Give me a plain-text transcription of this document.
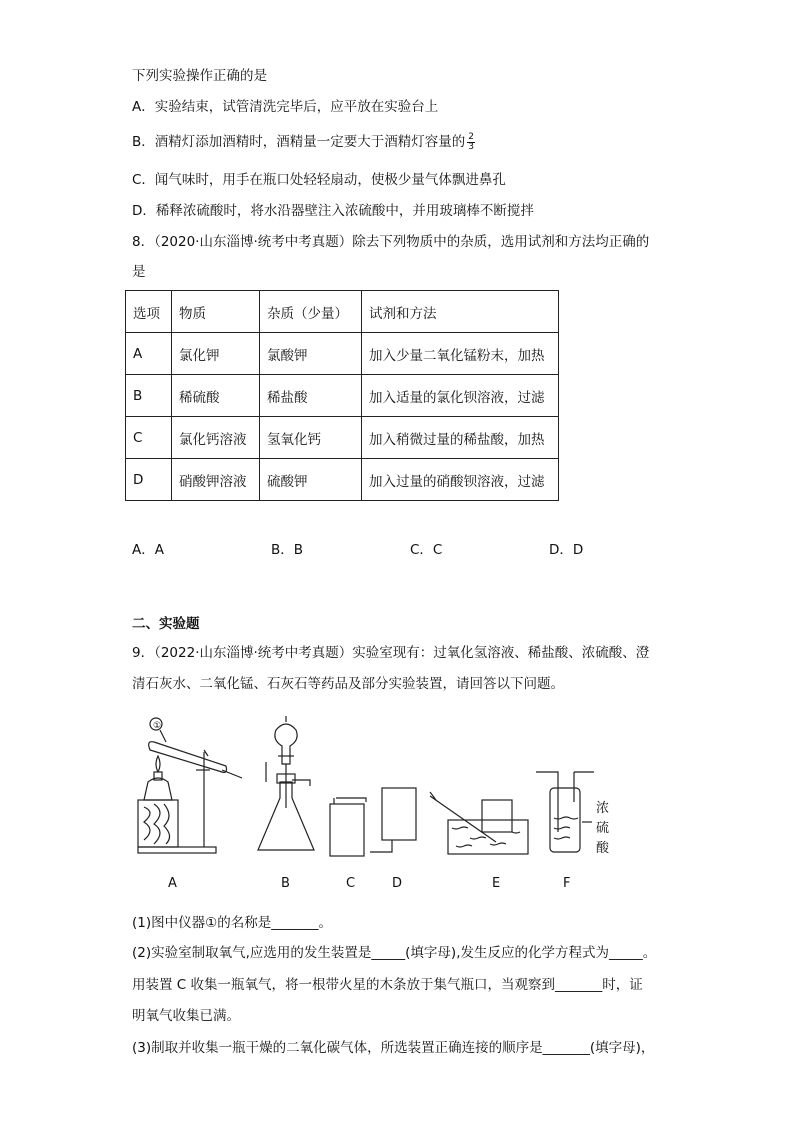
下列实验操作正确的是
A．实验结束，试管清洗完毕后，应平放在实验台上
B．酒精灯添加酒精时，酒精量一定要大于酒精灯容量的 $\frac{2}{3}$
C．闻气味时，用手在瓶口处轻轻扇动，使极少量气体飘进鼻孔
D．稀释浓硫酸时，将水沿器壁注入浓硫酸中，并用玻璃棒不断搅拌
8．（2020·山东淄博·统考中考真题）除去下列物质中的杂质，选用试剂和方法均正确的
是
选项	物质	杂质（少量）	试剂和方法
A	氯化钾	氯酸钾	加入少量二氧化锰粉末，加热
B	稀硫酸	稀盐酸	加入适量的氯化钡溶液，过滤
C	氯化钙溶液	氢氧化钙	加入稍微过量的稀盐酸，加热
D	硝酸钾溶液	硫酸钾	加入过量的硝酸钡溶液，过滤
A．A	B．B	C．C	D．D
二、实验题
9．（2022·山东淄博·统考中考真题）实验室现有：过氧化氢溶液、稀盐酸、浓硫酸、澄
清石灰水、二氧化锰、石灰石等药品及部分实验装置，请回答以下问题。
①
浓
硫
酸
A	B	C	D	E	F
(1)图中仪器①的名称是_______。
(2)实验室制取氧气,应选用的发生装置是_____(填字母),发生反应的化学方程式为_____。
用装置 C 收集一瓶氧气，将一根带火星的木条放于集气瓶口，当观察到_______时，证
明氧气收集已满。
(3)制取并收集一瓶干燥的二氧化碳气体，所选装置正确连接的顺序是_______(填字母)，
